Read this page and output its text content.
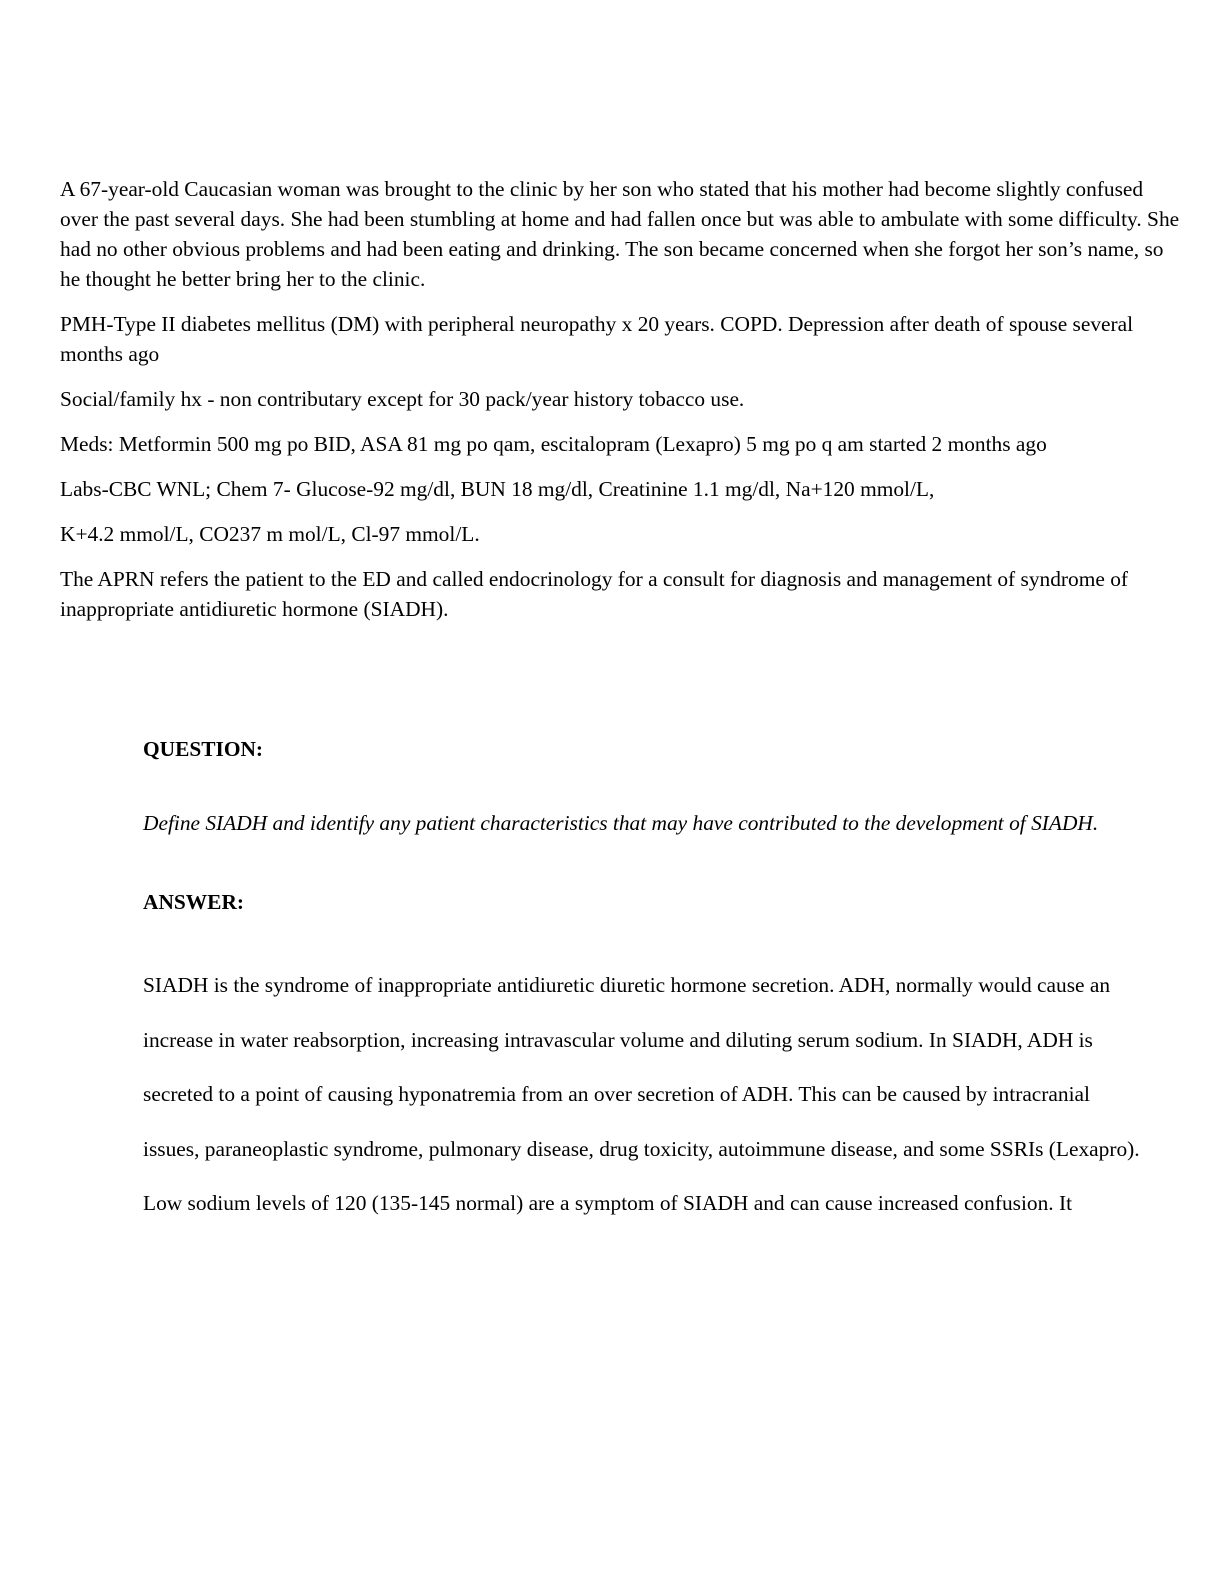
A 67-year-old Caucasian woman was brought to the clinic by her son who stated that his mother had become slightly confused over the past several days. She had been stumbling at home and had fallen once but was able to ambulate with some difficulty. She had no other obvious problems and had been eating and drinking. The son became concerned when she forgot her son’s name, so he thought he better bring her to the clinic.

PMH-Type II diabetes mellitus (DM) with peripheral neuropathy x 20 years. COPD. Depression after death of spouse several months ago

Social/family hx - non contributary except for 30 pack/year history tobacco use.

Meds: Metformin 500 mg po BID, ASA 81 mg po qam, escitalopram (Lexapro) 5 mg po q am started 2 months ago

Labs-CBC WNL; Chem 7- Glucose-92 mg/dl, BUN 18 mg/dl, Creatinine 1.1 mg/dl, Na+120 mmol/L,

K+4.2 mmol/L, CO237 m mol/L, Cl-97 mmol/L.

The APRN refers the patient to the ED and called endocrinology for a consult for diagnosis and management of syndrome of inappropriate antidiuretic hormone (SIADH).

QUESTION:

Define SIADH and identify any patient characteristics that may have contributed to the development of SIADH.

ANSWER:

SIADH is the syndrome of inappropriate antidiuretic diuretic hormone secretion. ADH, normally would cause an increase in water reabsorption, increasing intravascular volume and diluting serum sodium. In SIADH, ADH is secreted to a point of causing hyponatremia from an over secretion of ADH. This can be caused by intracranial issues, paraneoplastic syndrome, pulmonary disease, drug toxicity, autoimmune disease, and some SSRIs (Lexapro). Low sodium levels of 120 (135-145 normal) are a symptom of SIADH and can cause increased confusion. It
